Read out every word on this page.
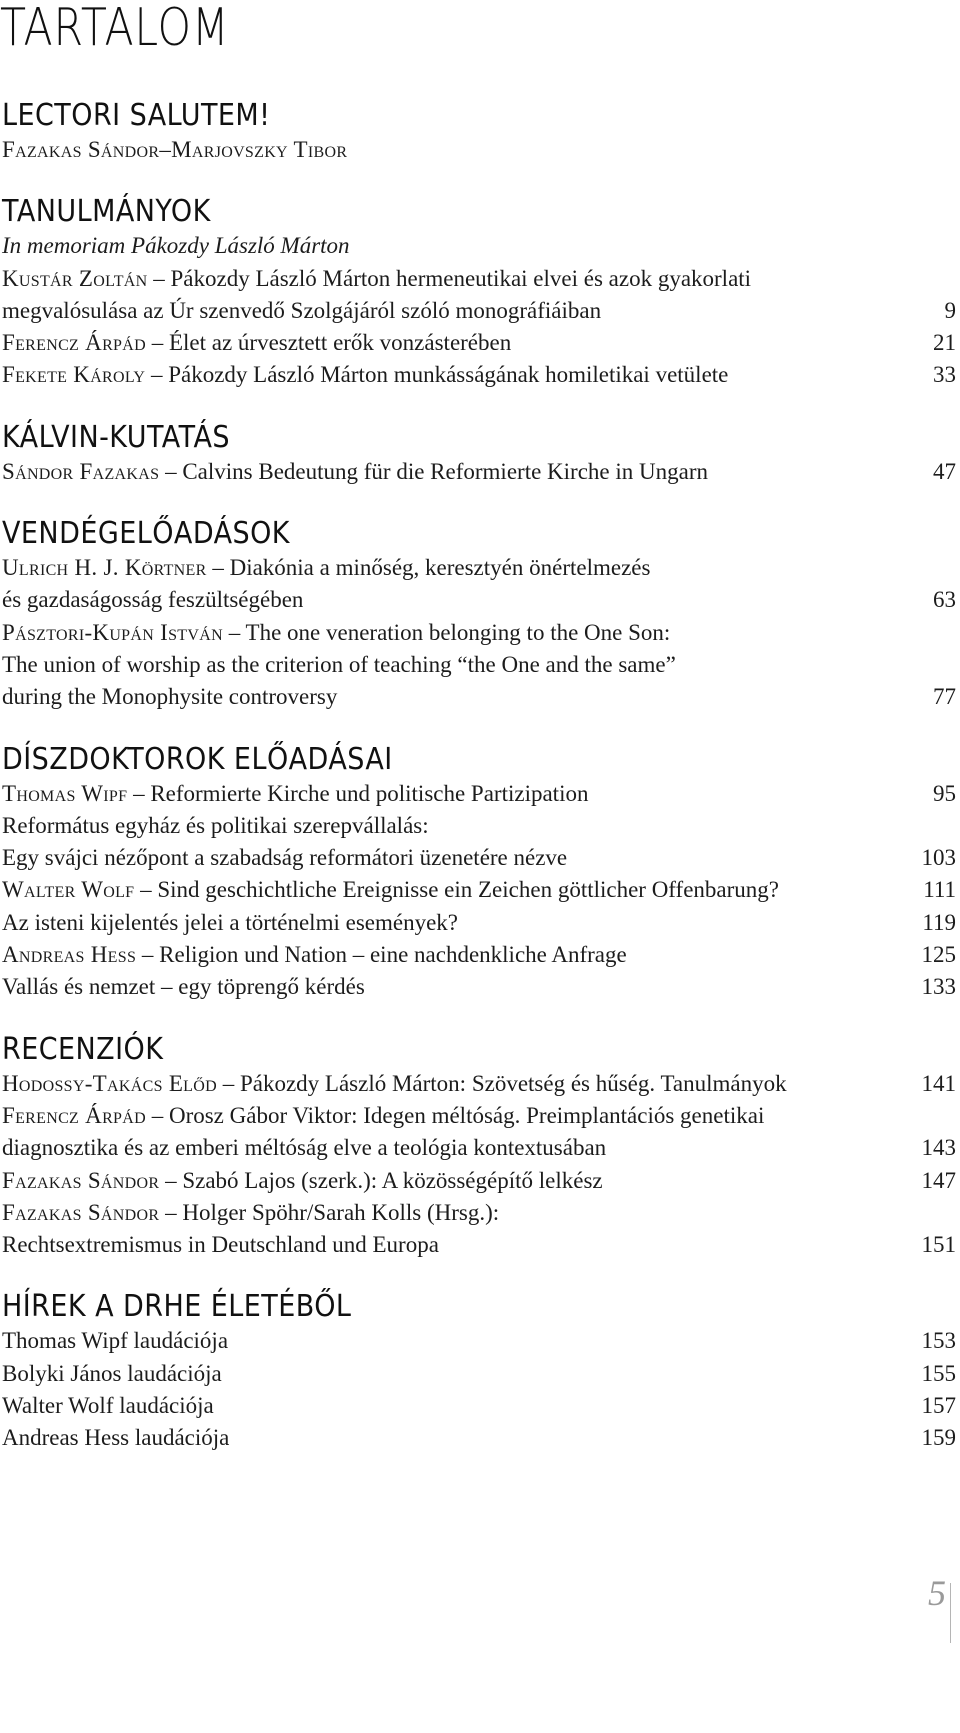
TARTALOM
LECTORI SALUTEM!
Fazakas Sándor–Marjovszky Tibor
TANULMÁNYOK
In memoriam Pákozdy László Márton
Kustár Zoltán – Pákozdy László Márton hermeneutikai elvei és azok gyakorlati
megvalósulása az Úr szenvedő Szolgájáról szóló monográfiáiban	9
Ferencz Árpád – Élet az úrvesztett erők vonzásterében	21
Fekete Károly – Pákozdy László Márton munkásságának homiletikai vetülete	33
KÁLVIN-KUTATÁS
Sándor Fazakas – Calvins Bedeutung für die Reformierte Kirche in Ungarn	47
VENDÉGELŐADÁSOK
Ulrich H. J. Körtner – Diakónia a minőség, keresztyén önértelmezés
és gazdaságosság feszültségében	63
Pásztori-Kupán István – The one veneration belonging to the One Son:
The union of worship as the criterion of teaching “the One and the same”
during the Monophysite controversy	77
DÍSZDOKTOROK ELŐADÁSAI
Thomas Wipf – Reformierte Kirche und politische Partizipation	95
Református egyház és politikai szerepvállalás:
Egy svájci nézőpont a szabadság reformátori üzenetére nézve	103
Walter Wolf – Sind geschichtliche Ereignisse ein Zeichen göttlicher Offenbarung?	111
Az isteni kijelentés jelei a történelmi események?	119
Andreas Hess – Religion und Nation – eine nachdenkliche Anfrage	125
Vallás és nemzet – egy töprengő kérdés	133
RECENZIÓK
Hodossy-Takács Előd – Pákozdy László Márton: Szövetség és hűség. Tanulmányok	141
Ferencz Árpád – Orosz Gábor Viktor: Idegen méltóság. Preimplantációs genetikai
diagnosztika és az emberi méltóság elve a teológia kontextusában	143
Fazakas Sándor – Szabó Lajos (szerk.): A közösségépítő lelkész	147
Fazakas Sándor – Holger Spöhr/Sarah Kolls (Hrsg.):
Rechtsextremismus in Deutschland und Europa	151
HÍREK A DRHE ÉLETÉBŐL
Thomas Wipf laudációja	153
Bolyki János laudációja	155
Walter Wolf laudációja	157
Andreas Hess laudációja	159
5
